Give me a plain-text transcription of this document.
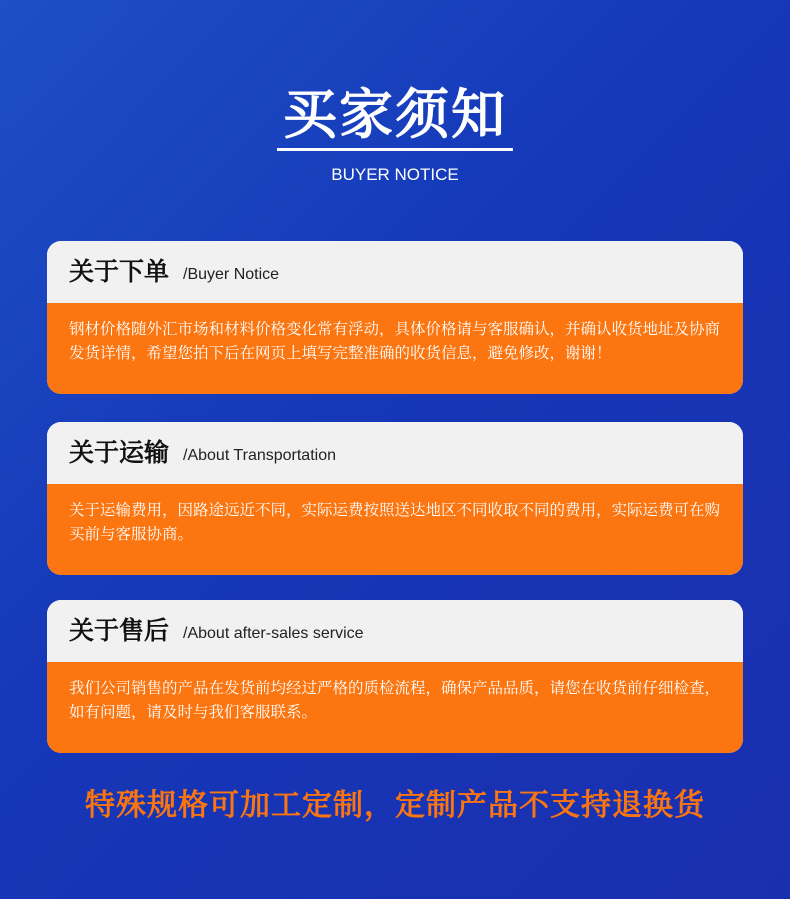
买家须知
BUYER NOTICE
关于下单 /Buyer Notice
钢材价格随外汇市场和材料价格变化常有浮动，具体价格请与客服确认，并确认收货地址及协商发货详情，希望您拍下后在网页上填写完整准确的收货信息，避免修改，谢谢！
关于运输 /About Transportation
关于运输费用，因路途远近不同，实际运费按照送达地区不同收取不同的费用，实际运费可在购买前与客服协商。
关于售后 /About after-sales service
我们公司销售的产品在发货前均经过严格的质检流程，确保产品品质，请您在收货前仔细检查，如有问题，请及时与我们客服联系。
特殊规格可加工定制，定制产品不支持退换货
